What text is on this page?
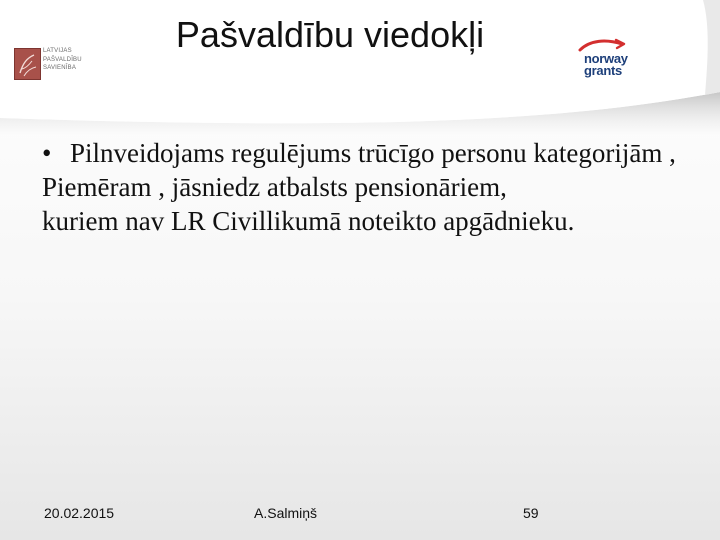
Pašvaldību viedokļi
LATVIJAS
PAŠVALDĪBU
SAVIENĪBA
norway
grants
• Pilnveidojams regulējums trūcīgo personu kategorijām ,
Piemēram , jāsniedz atbalsts pensionāriem,
kuriem nav LR Civillikumā noteikto apgādnieku.
20.02.2015	A.Salmiņš	59
